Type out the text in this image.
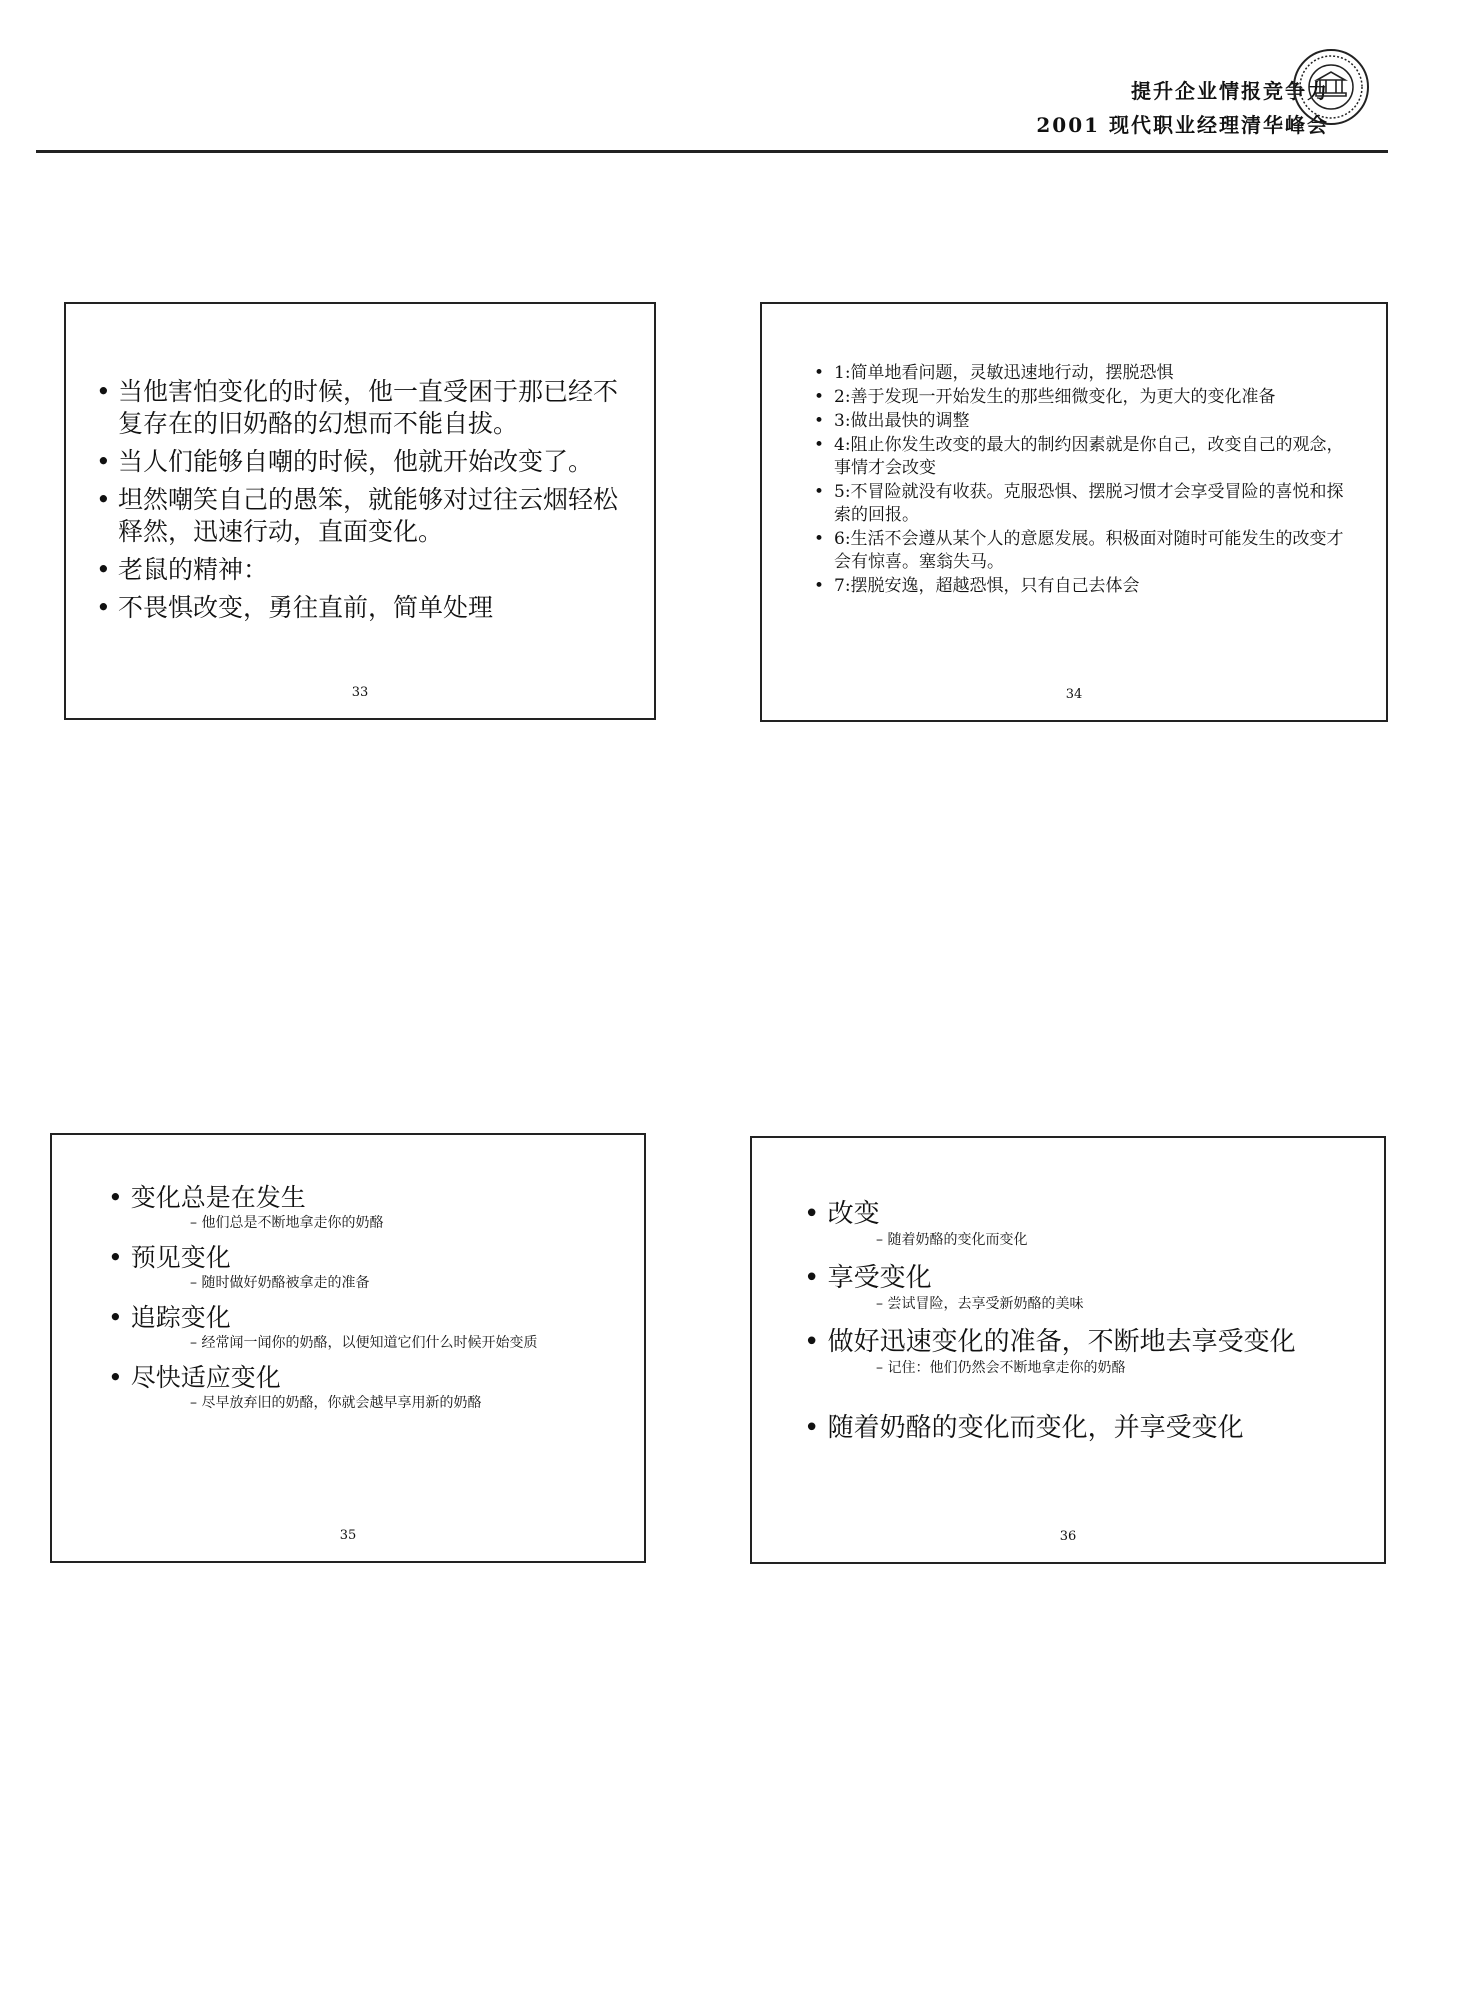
提升企业情报竞争力
2001 现代职业经理清华峰会
• 当他害怕变化的时候，他一直受困于那已经不复存在的旧奶酪的幻想而不能自拔。
• 当人们能够自嘲的时候，他就开始改变了。
• 坦然嘲笑自己的愚笨，就能够对过往云烟轻松释然，迅速行动，直面变化。
• 老鼠的精神：
• 不畏惧改变，勇往直前，简单处理
33
• 1:简单地看问题，灵敏迅速地行动，摆脱恐惧
• 2:善于发现一开始发生的那些细微变化，为更大的变化准备
• 3:做出最快的调整
• 4:阻止你发生改变的最大的制约因素就是你自己，改变自己的观念，事情才会改变
• 5:不冒险就没有收获。克服恐惧、摆脱习惯才会享受冒险的喜悦和探索的回报。
• 6:生活不会遵从某个人的意愿发展。积极面对随时可能发生的改变才会有惊喜。塞翁失马。
• 7:摆脱安逸，超越恐惧，只有自己去体会
34
• 变化总是在发生
– 他们总是不断地拿走你的奶酪
• 预见变化
– 随时做好奶酪被拿走的准备
• 追踪变化
– 经常闻一闻你的奶酪，以便知道它们什么时候开始变质
• 尽快适应变化
– 尽早放弃旧的奶酪，你就会越早享用新的奶酪
35
• 改变
– 随着奶酪的变化而变化
• 享受变化
– 尝试冒险，去享受新奶酪的美味
• 做好迅速变化的准备，不断地去享受变化
– 记住：他们仍然会不断地拿走你的奶酪
• 随着奶酪的变化而变化，并享受变化
36
